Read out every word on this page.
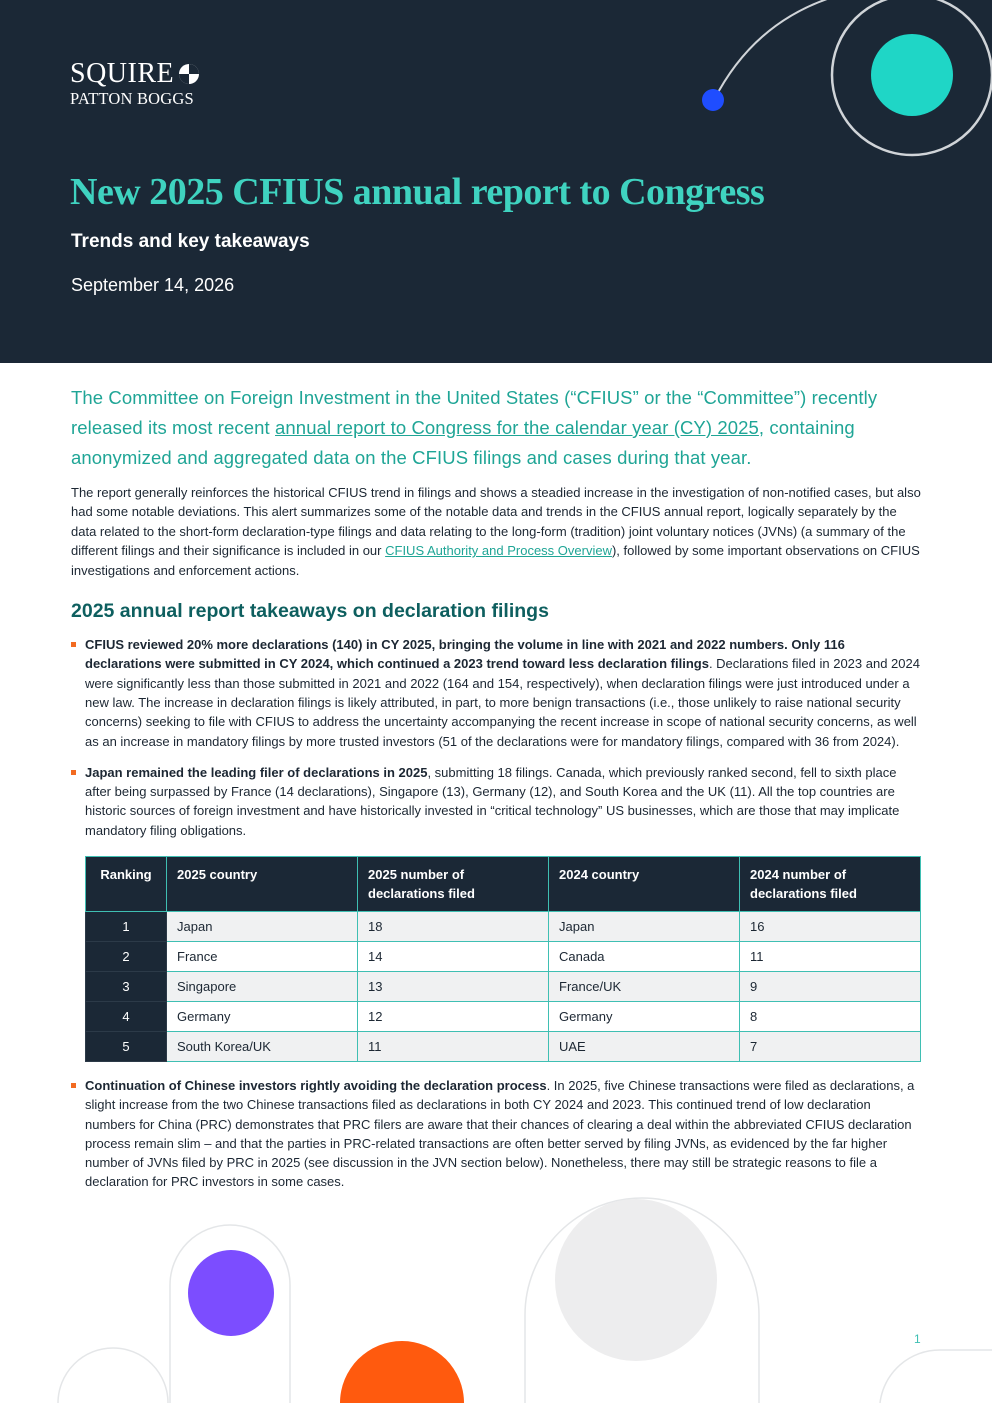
SQUIRE
PATTON BOGGS
New 2025 CFIUS annual report to Congress
Trends and key takeaways
September 14, 2026

The Committee on Foreign Investment in the United States (“CFIUS” or the “Committee”) recently released its most recent annual report to Congress for the calendar year (CY) 2025, containing anonymized and aggregated data on the CFIUS filings and cases during that year.

The report generally reinforces the historical CFIUS trend in filings and shows a steadied increase in the investigation of non-notified cases, but also had some notable deviations. This alert summarizes some of the notable data and trends in the CFIUS annual report, logically separately by the data related to the short-form declaration-type filings and data relating to the long-form (tradition) joint voluntary notices (JVNs) (a summary of the different filings and their significance is included in our CFIUS Authority and Process Overview), followed by some important observations on CFIUS investigations and enforcement actions.

2025 annual report takeaways on declaration filings
CFIUS reviewed 20% more declarations (140) in CY 2025, bringing the volume in line with 2021 and 2022 numbers. Only 116 declarations were submitted in CY 2024, which continued a 2023 trend toward less declaration filings. Declarations filed in 2023 and 2024 were significantly less than those submitted in 2021 and 2022 (164 and 154, respectively), when declaration filings were just introduced under a new law. The increase in declaration filings is likely attributed, in part, to more benign transactions (i.e., those unlikely to raise national security concerns) seeking to file with CFIUS to address the uncertainty accompanying the recent increase in scope of national security concerns, as well as an increase in mandatory filings by more trusted investors (51 of the declarations were for mandatory filings, compared with 36 from 2024).
Japan remained the leading filer of declarations in 2025, submitting 18 filings. Canada, which previously ranked second, fell to sixth place after being surpassed by France (14 declarations), Singapore (13), Germany (12), and South Korea and the UK (11). All the top countries are historic sources of foreign investment and have historically invested in “critical technology” US businesses, which are those that may implicate mandatory filing obligations.
Ranking	2025 country	2025 number of declarations filed	2024 country	2024 number of declarations filed
1	Japan	18	Japan	16
2	France	14	Canada	11
3	Singapore	13	France/UK	9
4	Germany	12	Germany	8
5	South Korea/UK	11	UAE	7
Continuation of Chinese investors rightly avoiding the declaration process. In 2025, five Chinese transactions were filed as declarations, a slight increase from the two Chinese transactions filed as declarations in both CY 2024 and 2023. This continued trend of low declaration numbers for China (PRC) demonstrates that PRC filers are aware that their chances of clearing a deal within the abbreviated CFIUS declaration process remain slim – and that the parties in PRC-related transactions are often better served by filing JVNs, as evidenced by the far higher number of JVNs filed by PRC in 2025 (see discussion in the JVN section below). Nonetheless, there may still be strategic reasons to file a declaration for PRC investors in some cases.
1
